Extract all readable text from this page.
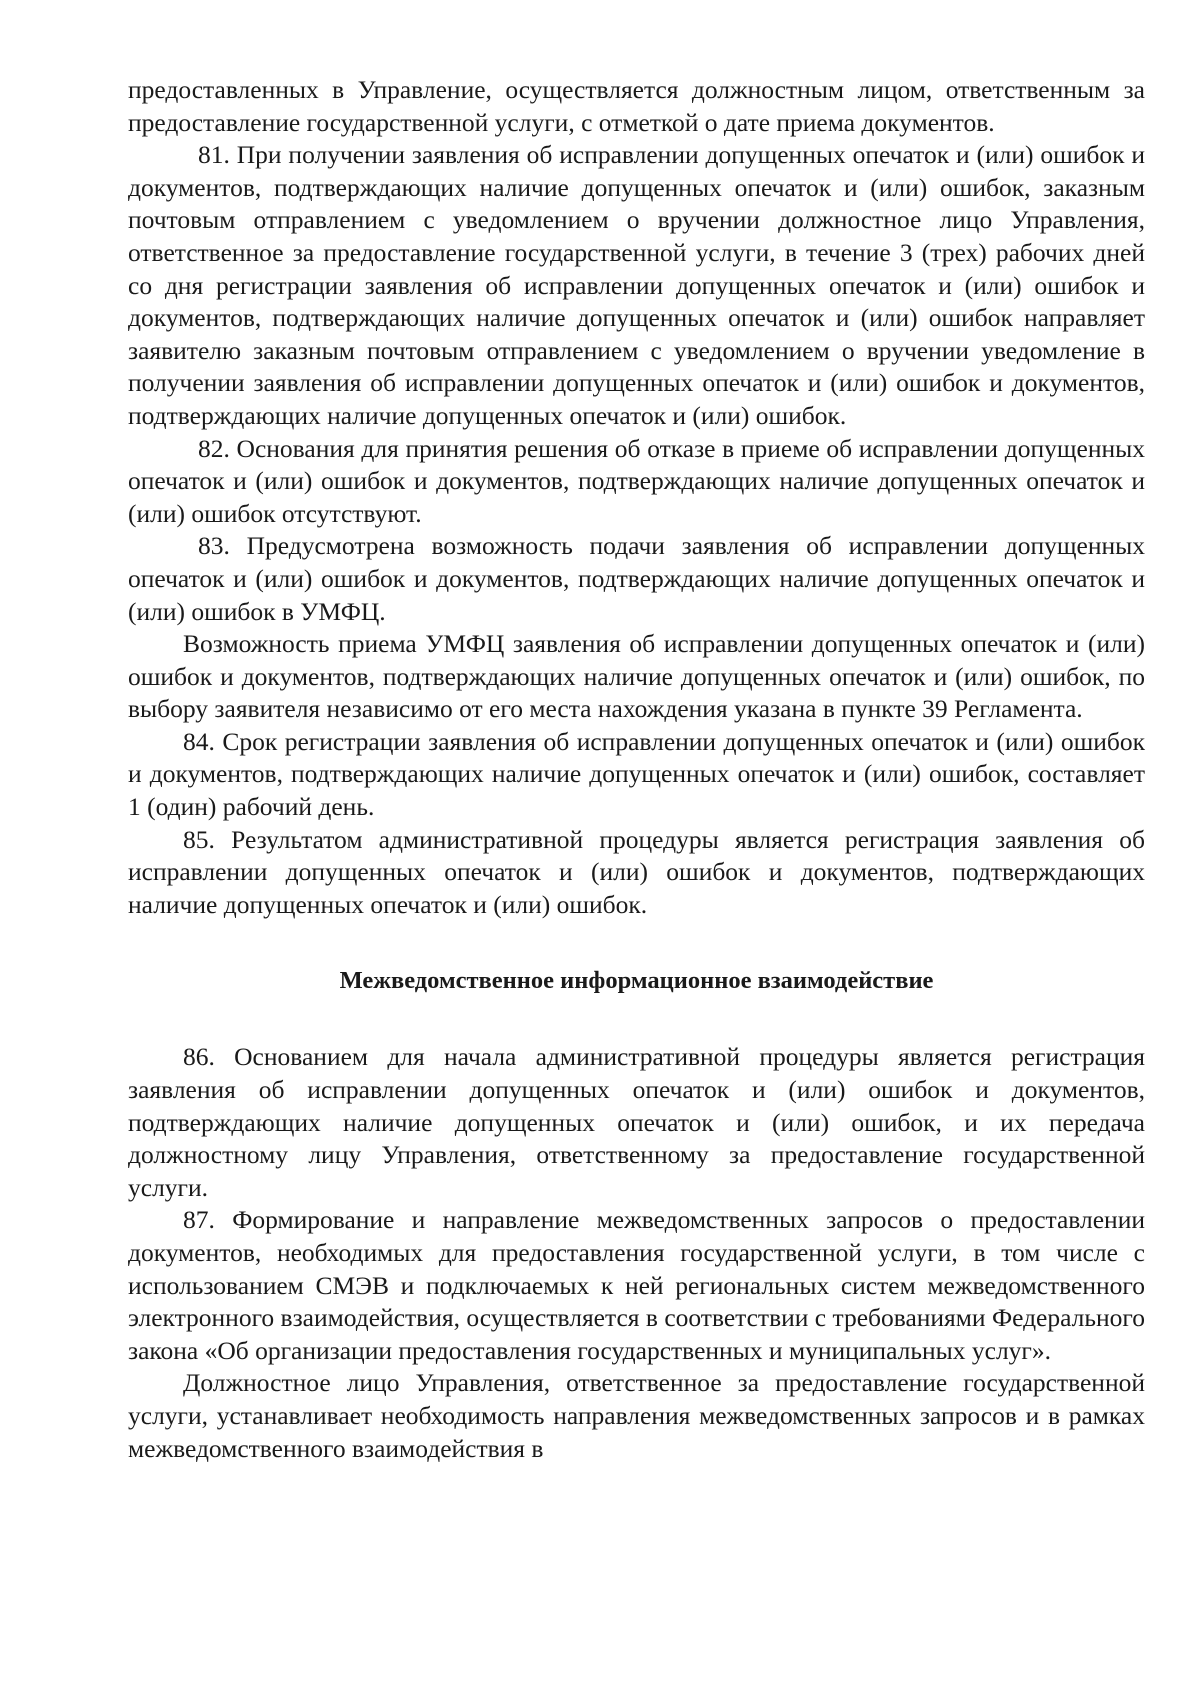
предоставленных в Управление, осуществляется должностным лицом, ответственным за предоставление государственной услуги, с отметкой о дате приема документов.

81. При получении заявления об исправлении допущенных опечаток и (или) ошибок и документов, подтверждающих наличие допущенных опечаток и (или) ошибок, заказным почтовым отправлением с уведомлением о вручении должностное лицо Управления, ответственное за предоставление государственной услуги, в течение 3 (трех) рабочих дней со дня регистрации заявления об исправлении допущенных опечаток и (или) ошибок и документов, подтверждающих наличие допущенных опечаток и (или) ошибок направляет заявителю заказным почтовым отправлением с уведомлением о вручении уведомление в получении заявления об исправлении допущенных опечаток и (или) ошибок и документов, подтверждающих наличие допущенных опечаток и (или) ошибок.

82. Основания для принятия решения об отказе в приеме об исправлении допущенных опечаток и (или) ошибок и документов, подтверждающих наличие допущенных опечаток и (или) ошибок отсутствуют.

83. Предусмотрена возможность подачи заявления об исправлении допущенных опечаток и (или) ошибок и документов, подтверждающих наличие допущенных опечаток и (или) ошибок в УМФЦ.

Возможность приема УМФЦ заявления об исправлении допущенных опечаток и (или) ошибок и документов, подтверждающих наличие допущенных опечаток и (или) ошибок, по выбору заявителя независимо от его места нахождения указана в пункте 39 Регламента.

84. Срок регистрации заявления об исправлении допущенных опечаток и (или) ошибок и документов, подтверждающих наличие допущенных опечаток и (или) ошибок, составляет 1 (один) рабочий день.

85. Результатом административной процедуры является регистрация заявления об исправлении допущенных опечаток и (или) ошибок и документов, подтверждающих наличие допущенных опечаток и (или) ошибок.

Межведомственное информационное взаимодействие

86. Основанием для начала административной процедуры является регистрация заявления об исправлении допущенных опечаток и (или) ошибок и документов, подтверждающих наличие допущенных опечаток и (или) ошибок, и их передача должностному лицу Управления, ответственному за предоставление государственной услуги.

87. Формирование и направление межведомственных запросов о предоставлении документов, необходимых для предоставления государственной услуги, в том числе с использованием СМЭВ и подключаемых к ней региональных систем межведомственного электронного взаимодействия, осуществляется в соответствии с требованиями Федерального закона «Об организации предоставления государственных и муниципальных услуг».

Должностное лицо Управления, ответственное за предоставление государственной услуги, устанавливает необходимость направления межведомственных запросов и в рамках межведомственного взаимодействия в
